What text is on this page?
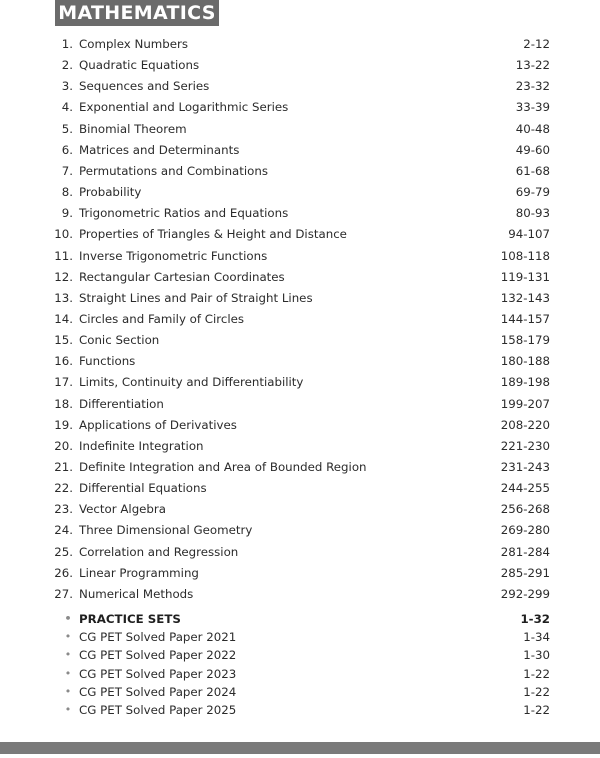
MATHEMATICS
1. Complex Numbers	2-12
2. Quadratic Equations	13-22
3. Sequences and Series	23-32
4. Exponential and Logarithmic Series	33-39
5. Binomial Theorem	40-48
6. Matrices and Determinants	49-60
7. Permutations and Combinations	61-68
8. Probability	69-79
9. Trigonometric Ratios and Equations	80-93
10. Properties of Triangles & Height and Distance	94-107
11. Inverse Trigonometric Functions	108-118
12. Rectangular Cartesian Coordinates	119-131
13. Straight Lines and Pair of Straight Lines	132-143
14. Circles and Family of Circles	144-157
15. Conic Section	158-179
16. Functions	180-188
17. Limits, Continuity and Differentiability	189-198
18. Differentiation	199-207
19. Applications of Derivatives	208-220
20. Indefinite Integration	221-230
21. Definite Integration and Area of Bounded Region	231-243
22. Differential Equations	244-255
23. Vector Algebra	256-268
24. Three Dimensional Geometry	269-280
25. Correlation and Regression	281-284
26. Linear Programming	285-291
27. Numerical Methods	292-299
• PRACTICE SETS	1-32
• CG PET Solved Paper 2021	1-34
• CG PET Solved Paper 2022	1-30
• CG PET Solved Paper 2023	1-22
• CG PET Solved Paper 2024	1-22
• CG PET Solved Paper 2025	1-22
